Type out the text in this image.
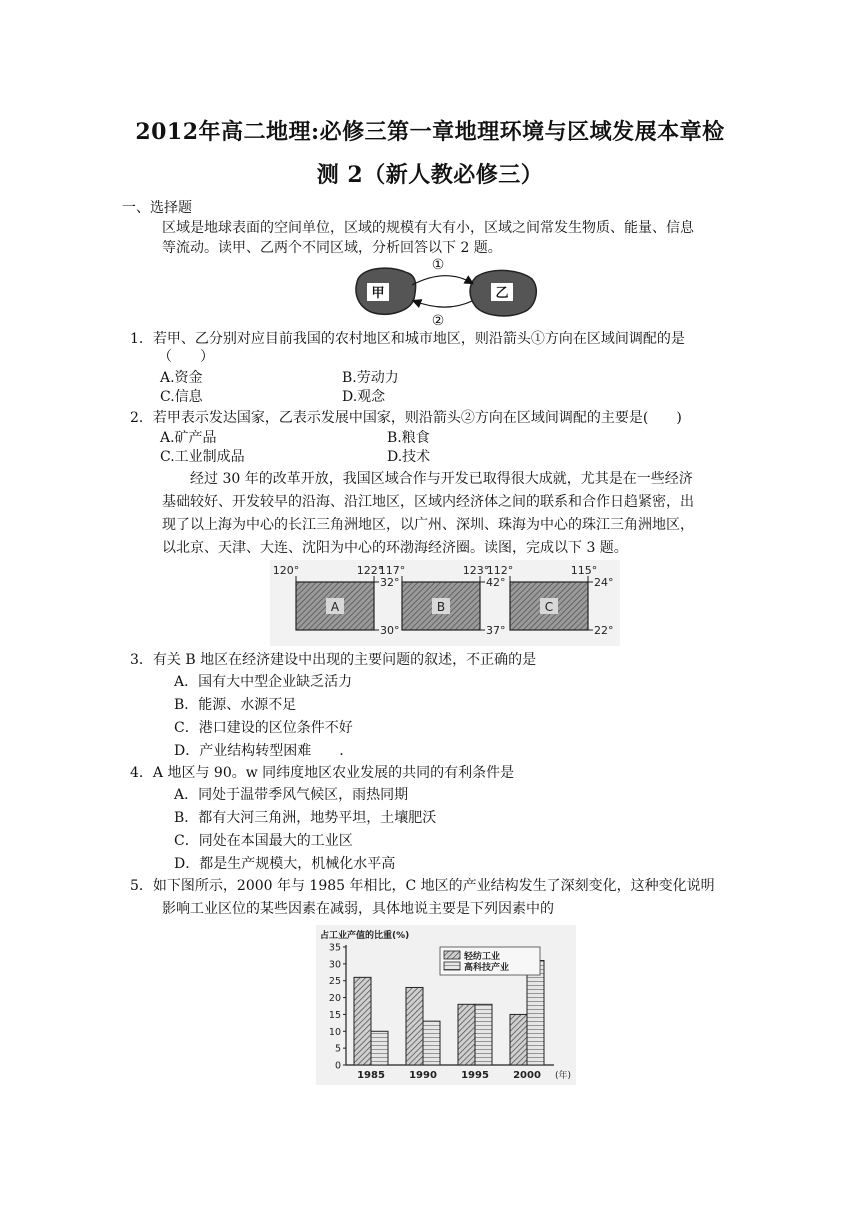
2012年高二地理:必修三第一章地理环境与区域发展本章检
测 2（新人教必修三）
一、选择题
区域是地球表面的空间单位，区域的规模有大有小，区域之间常发生物质、能量、信息
等流动。读甲、乙两个不同区域，分析回答以下 2 题。
甲	乙
①
②
1．若甲、乙分别对应目前我国的农村地区和城市地区，则沿箭头①方向在区域间调配的是
（　　）
A.资金	B.劳动力
C.信息	D.观念
2．若甲表示发达国家，乙表示发展中国家，则沿箭头②方向在区域间调配的主要是(　　)
A.矿产品	B.粮食
C.工业制成品	D.技术
经过 30 年的改革开放，我国区域合作与开发已取得很大成就，尤其是在一些经济
基础较好、开发较早的沿海、沿江地区，区域内经济体之间的联系和合作日趋紧密，出
现了以上海为中心的长江三角洲地区，以广州、深圳、珠海为中心的珠江三角洲地区，
以北京、天津、大连、沈阳为中心的环渤海经济圈。读图，完成以下 3 题。
A
120°	122°
32°
30°
B
117°	123°
42°
37°
C
112°	115°
24°
22°
3．有关 B 地区在经济建设中出现的主要问题的叙述，不正确的是
A．国有大中型企业缺乏活力
B．能源、水源不足
C．港口建设的区位条件不好
D．产业结构转型困难　　.
4．A 地区与 90。w 同纬度地区农业发展的共同的有利条件是
A．同处于温带季风气候区，雨热同期
B．都有大河三角洲，地势平坦，土壤肥沃
C．同处在本国最大的工业区
D．都是生产规模大，机械化水平高
5．如下图所示，2000 年与 1985 年相比，C 地区的产业结构发生了深刻变化，这种变化说明
影响工业区位的某些因素在减弱，具体地说主要是下列因素中的
占工业产值的比重(%)
0
5
10
15
20
25
30
35
1985 1990 1995 2000 (年)
轻纺工业
高科技产业
